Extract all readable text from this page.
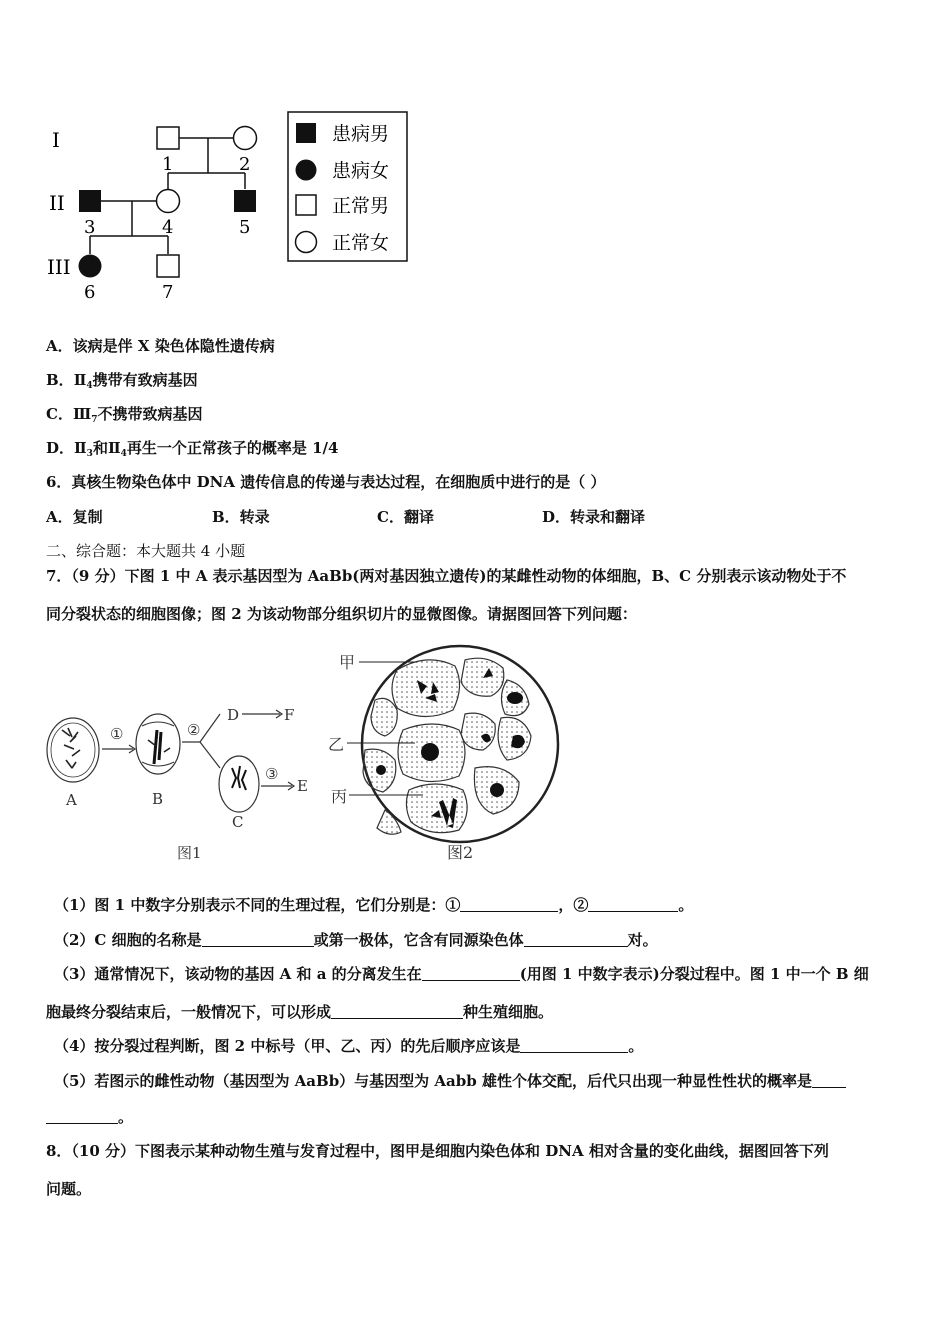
I
II
III
1	2
3	4	5
6	7
患病男
患病女
正常男
正常女
A．该病是伴 X 染色体隐性遗传病
B．$Ⅱ_4$携带有致病基因
C．$Ⅲ_7$不携带致病基因
D．$Ⅱ_3$和$Ⅱ_4$再生一个正常孩子的概率是 1/4
6．真核生物染色体中 DNA 遗传信息的传递与表达过程，在细胞质中进行的是（ ）
A．复制	B．转录	C．翻译	D．转录和翻译
二、综合题：本大题共 4 小题
7．（9 分）下图 1 中 A 表示基因型为 AaBb(两对基因独立遗传)的某雌性动物的体细胞，B、C 分别表示该动物处于不
同分裂状态的细胞图像；图 2 为该动物部分组织切片的显微图像。请据图回答下列问题：
A	B
C
①	②
③
D	F
E
图1
甲
乙
丙
图2
（1）图 1 中数字分别表示不同的生理过程，它们分别是：①	，②	。
（2）C 细胞的名称是	或第一极体，它含有同源染色体	对。
（3）通常情况下，该动物的基因 A 和 a 的分离发生在	(用图 1 中数字表示)分裂过程中。图 1 中一个 B 细
胞最终分裂结束后，一般情况下，可以形成	种生殖细胞。
（4）按分裂过程判断，图 2 中标号（甲、乙、丙）的先后顺序应该是	。
（5）若图示的雌性动物（基因型为 AaBb）与基因型为 Aabb 雄性个体交配，后代只出现一种显性性状的概率是
。
8．（10 分）下图表示某种动物生殖与发育过程中，图甲是细胞内染色体和 DNA 相对含量的变化曲线，据图回答下列
问题。
